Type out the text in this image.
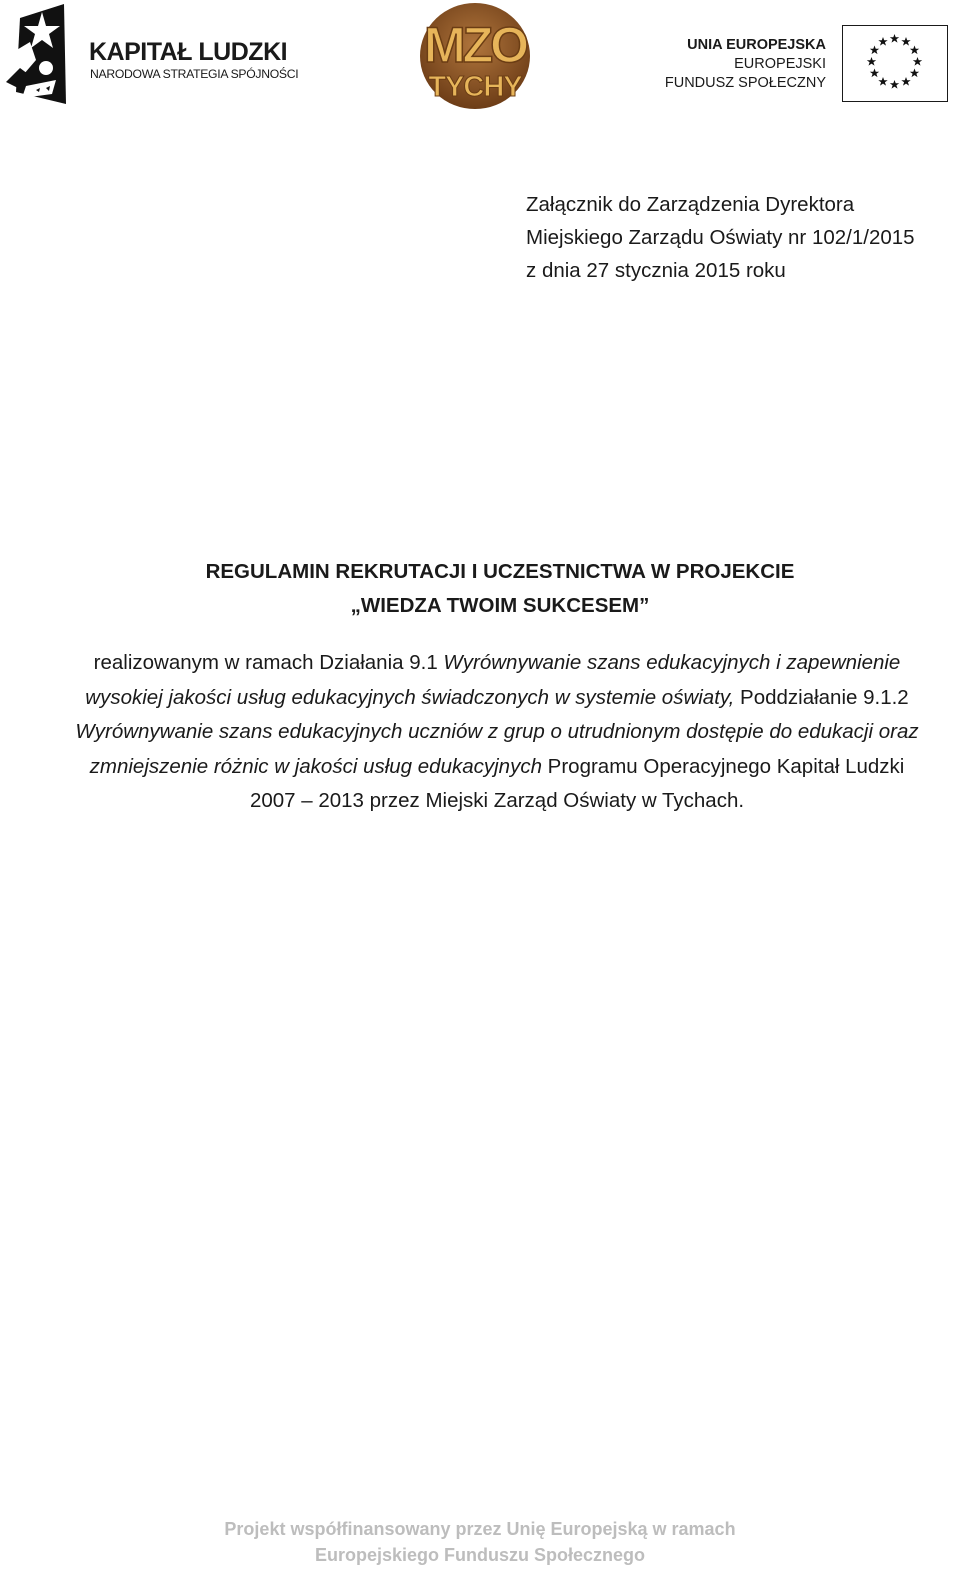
KAPITAŁ LUDZKI
NARODOWA STRATEGIA SPÓJNOŚCI
MZO
TYCHY
UNIA EUROPEJSKA
EUROPEJSKI
FUNDUSZ SPOŁECZNY
Załącznik do Zarządzenia Dyrektora
Miejskiego Zarządu Oświaty nr 102/1/2015
z dnia 27 stycznia 2015 roku
REGULAMIN REKRUTACJI I UCZESTNICTWA W PROJEKCIE
„WIEDZA TWOIM SUKCESEM”
realizowanym w ramach Działania 9.1 Wyrównywanie szans edukacyjnych i zapewnienie
wysokiej jakości usług edukacyjnych świadczonych w systemie oświaty, Poddziałanie 9.1.2
Wyrównywanie szans edukacyjnych uczniów z grup o utrudnionym dostępie do edukacji oraz
zmniejszenie różnic w jakości usług edukacyjnych Programu Operacyjnego Kapitał Ludzki
2007 – 2013 przez Miejski Zarząd Oświaty w Tychach.
Projekt współfinansowany przez Unię Europejską w ramach
Europejskiego Funduszu Społecznego
